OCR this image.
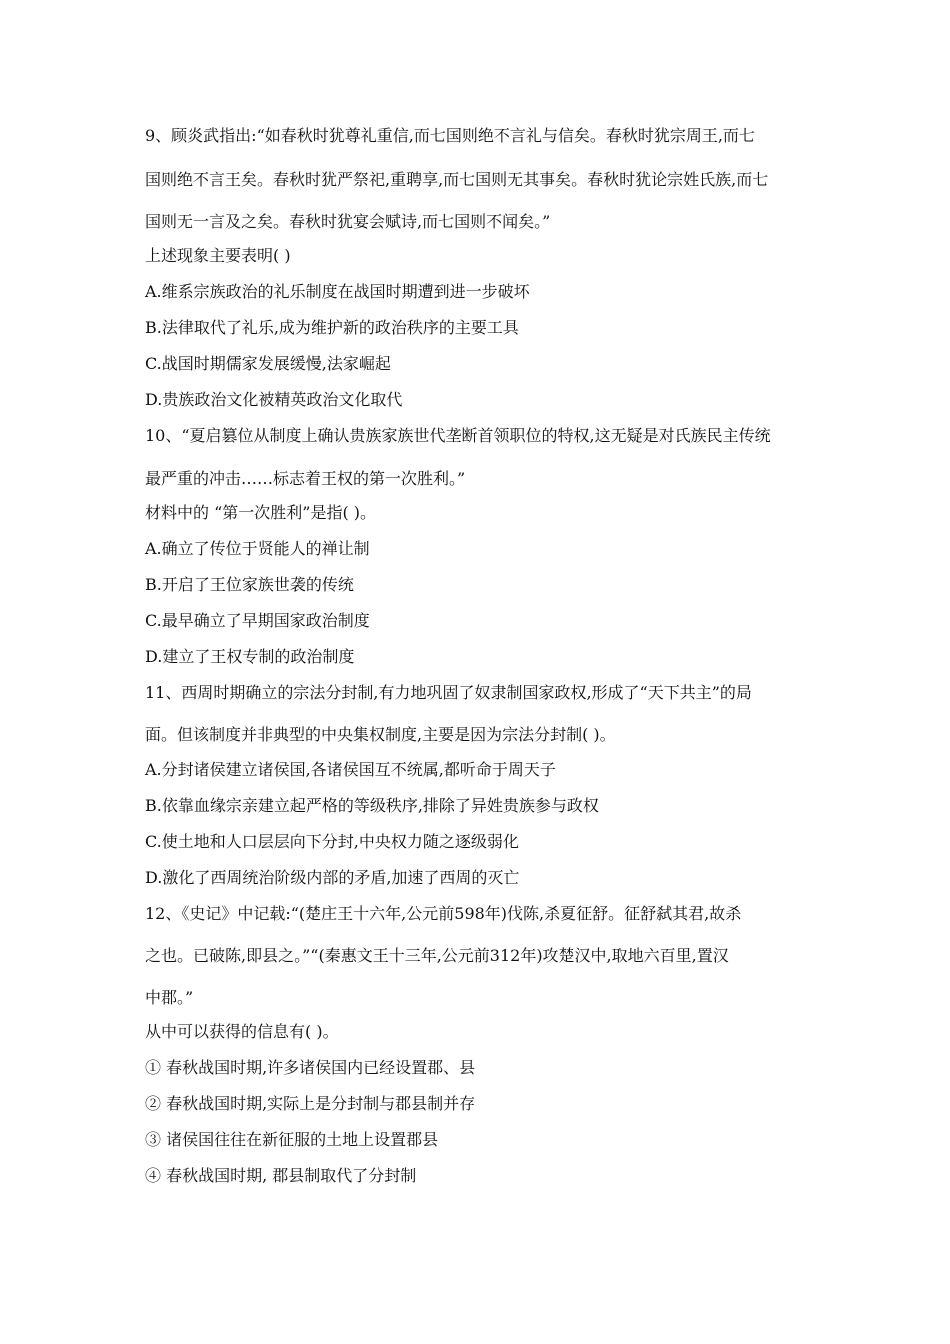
9、顾炎武指出:“如春秋时犹尊礼重信,而七国则绝不言礼与信矣。春秋时犹宗周王,而七
国则绝不言王矣。春秋时犹严祭祀,重聘享,而七国则无其事矣。春秋时犹论宗姓氏族,而七
国则无一言及之矣。春秋时犹宴会赋诗,而七国则不闻矣。”
上述现象主要表明( )
A.维系宗族政治的礼乐制度在战国时期遭到进一步破坏
B.法律取代了礼乐,成为维护新的政治秩序的主要工具
C.战国时期儒家发展缓慢,法家崛起
D.贵族政治文化被精英政治文化取代
10、“夏启篡位从制度上确认贵族家族世代垄断首领职位的特权,这无疑是对氏族民主传统
最严重的冲击……标志着王权的第一次胜利。”
材料中的 “第一次胜利”是指( )。
A.确立了传位于贤能人的禅让制
B.开启了王位家族世袭的传统
C.最早确立了早期国家政治制度
D.建立了王权专制的政治制度
11、西周时期确立的宗法分封制,有力地巩固了奴隶制国家政权,形成了“天下共主”的局
面。但该制度并非典型的中央集权制度,主要是因为宗法分封制( )。
A.分封诸侯建立诸侯国,各诸侯国互不统属,都听命于周天子
B.依靠血缘宗亲建立起严格的等级秩序,排除了异姓贵族参与政权
C.使土地和人口层层向下分封,中央权力随之逐级弱化
D.激化了西周统治阶级内部的矛盾,加速了西周的灭亡
12、《史记》中记载:“(楚庄王十六年,公元前598年)伐陈,杀夏征舒。征舒弑其君,故杀
之也。已破陈,即县之。”“(秦惠文王十三年,公元前312年)攻楚汉中,取地六百里,置汉
中郡。”
从中可以获得的信息有( )。
① 春秋战国时期,许多诸侯国内已经设置郡、县
② 春秋战国时期,实际上是分封制与郡县制并存
③ 诸侯国往往在新征服的土地上设置郡县
④ 春秋战国时期, 郡县制取代了分封制
